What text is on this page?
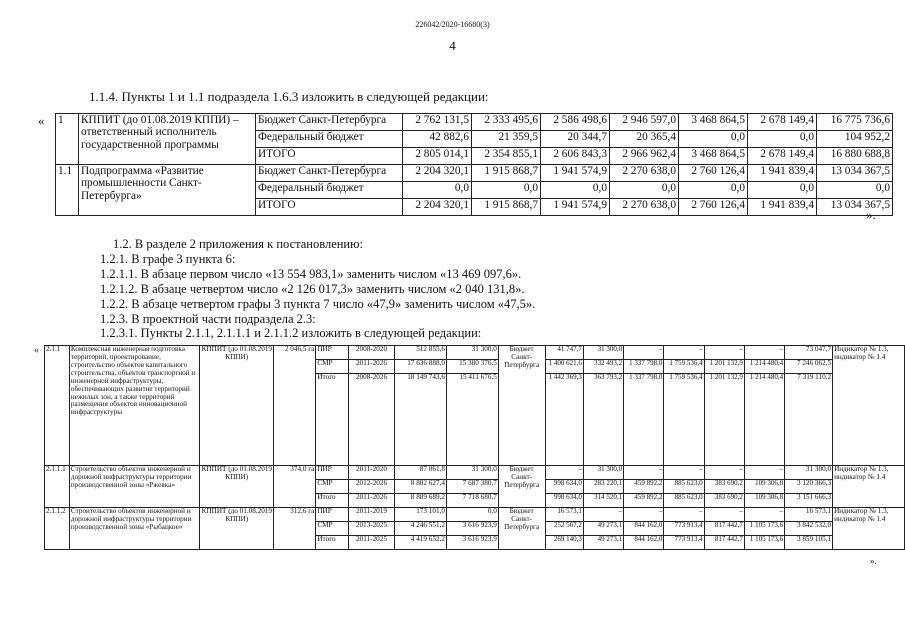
226042/2020-16680(3)
4
1.1.4. Пункты 1 и 1.1 подраздела 1.6.3 изложить в следующей редакции:
« 1	КППИТ (до 01.08.2019 КППИ) – ответственный исполнитель государственной программы	Бюджет Санкт-Петербурга	2 762 131,5	2 333 495,6	2 586 498,6	2 946 597,0	3 468 864,5	2 678 149,4	16 775 736,6
		Федеральный бюджет	42 882,6	21 359,5	20 344,7	20 365,4	0,0	0,0	104 952,2
		ИТОГО	2 805 014,1	2 354 855,1	2 606 843,3	2 966 962,4	3 468 864,5	2 678 149,4	16 880 688,8
1.1	Подпрограмма «Развитие промышленности Санкт-Петербурга»	Бюджет Санкт-Петербурга	2 204 320,1	1 915 868,7	1 941 574,9	2 270 638,0	2 760 126,4	1 941 839,4	13 034 367,5
		Федеральный бюджет	0,0	0,0	0,0	0,0	0,0	0,0	0,0
		ИТОГО	2 204 320,1	1 915 868,7	1 941 574,9	2 270 638,0	2 760 126,4	1 941 839,4	13 034 367,5
».
1.2. В разделе 2 приложения к постановлению:
1.2.1. В графе 3 пункта 6:
1.2.1.1. В абзаце первом число «13 554 983,1» заменить числом «13 469 097,6».
1.2.1.2. В абзаце четвертом число «2 126 017,3» заменить числом «2 040 131,8».
1.2.2. В абзаце четвертом графы 3 пункта 7 число «47,9» заменить числом «47,5».
1.2.3. В проектной части подраздела 2.3:
1.2.3.1. Пункты 2.1.1, 2.1.1.1 и 2.1.1.2 изложить в следующей редакции:
« 2.1.1	Комплексная инженерная подготовка территорий, проектирование, строительство объектов капитального строительства, объектов транспортной и инженерной инфраструктуры, обеспечивающих развитие территорий нежилых зон, а также территорий размещения объектов инновационной инфраструктуры	КППИТ (до 01.08.2019 КППИ)	2 046,5 га	ПИР	2008-2020	512 855,6	31 300,0	Бюджет Санкт-Петербурга	41 747,7	31 300,0	–	–	–	–	73 047,7	Индикатор № 1.3, индикатор № 1.4
				СМР	2011-2026	17 636 888,0	15 380 376,5		1 400 621,6	332 493,2	1 337 798,0	1 759 536,4	1 201 132,9	1 214 480,4	7 246 062,5	
				Итого	2008-2026	18 149 743,6	15 411 676,5		1 442 369,3	363 793,2	1 337 798,0	1 759 536,4	1 201 132,9	1 214 480,4	7 319 110,2	
2.1.1.1	Строительство объектов инженерной и дорожной инфраструктуры территории производственной зоны «Ржевка»	КППИТ (до 01.08.2019 КППИ)	374,0 га	ПИР	2011-2020	87 061,8	31 300,0	Бюджет Санкт-Петербурга	–	31 300,0	–	–	–	–	31 300,0	Индикатор № 1.3, индикатор № 1.4
				СМР	2012-2026	8 802 627,4	7 687 380,7		998 634,0	283 220,1	459 892,2	885 623,0	383 690,2	109 306,8	3 120 366,3	
				Итого	2011-2026	8 889 689,2	7 718 680,7		998 634,0	314 520,1	459 892,2	885 623,0	383 690,2	109 306,8	3 151 666,3	
2.1.1.2	Строительство объектов инженерной и дорожной инфраструктуры территории производственной зоны «Рыбацкое»	КППИТ (до 01.08.2019 КППИ)	312,6 га	ПИР	2011-2019	173 101,0	0,0	Бюджет Санкт-Петербурга	16 573,1	–	–	–	–	–	16 573,1	Индикатор № 1.3, индикатор № 1.4
				СМР	2013-2025	4 246 551,2	3 616 923,9		252 567,2	49 273,1	844 162,0	773 913,4	817 442,7	1 105 173,6	3 842 532,0	
				Итого	2011-2025	4 419 652,2	3 616 923,9		269 140,3	49 273,1	844 162,0	773 913,4	817 442,7	1 105 173,6	3 859 105,1	
».
